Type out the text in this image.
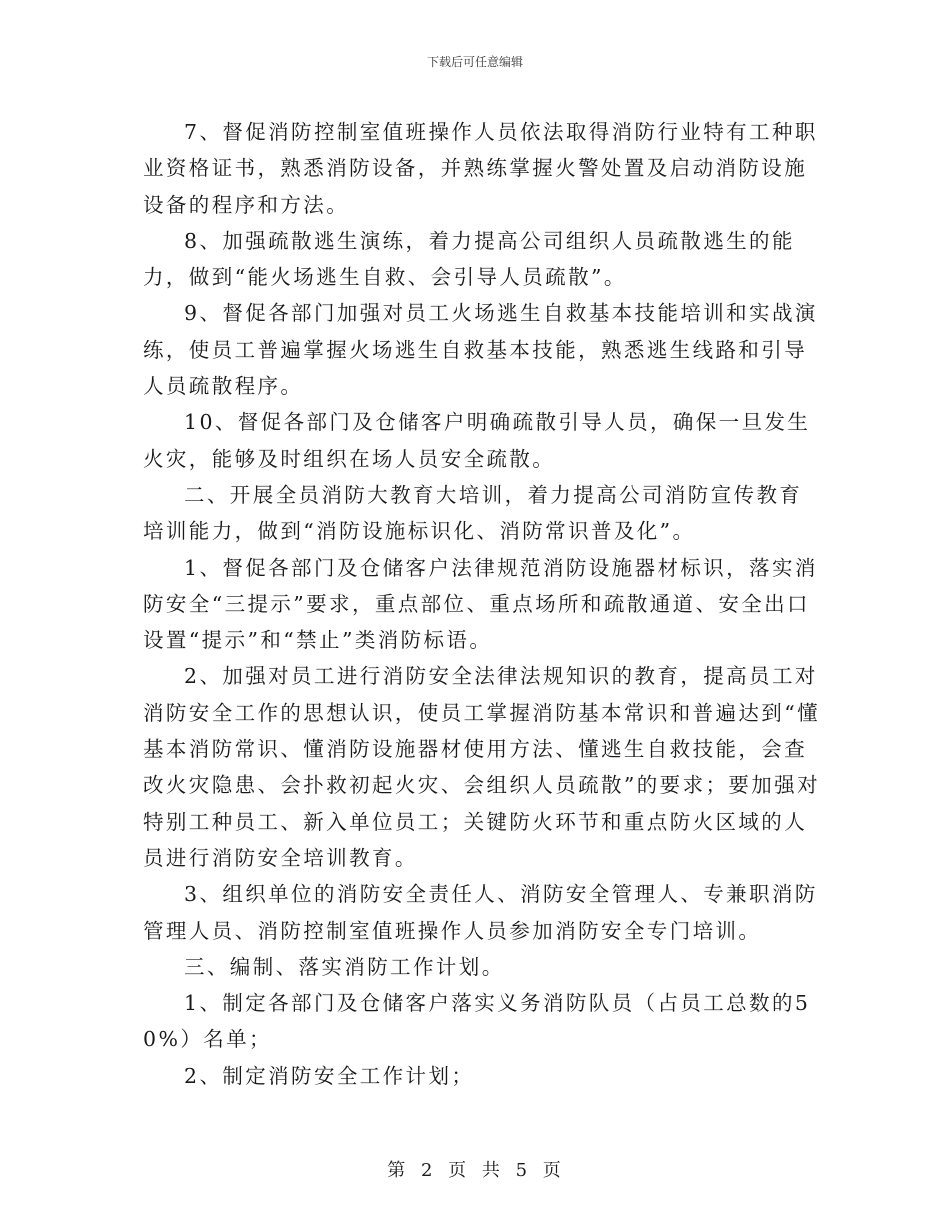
下载后可任意编辑

7、督促消防控制室值班操作人员依法取得消防行业特有工种职业资格证书，熟悉消防设备，并熟练掌握火警处置及启动消防设施设备的程序和方法。

8、加强疏散逃生演练，着力提高公司组织人员疏散逃生的能力，做到“能火场逃生自救、会引导人员疏散”。

9、督促各部门加强对员工火场逃生自救基本技能培训和实战演练，使员工普遍掌握火场逃生自救基本技能，熟悉逃生线路和引导人员疏散程序。

10、督促各部门及仓储客户明确疏散引导人员，确保一旦发生火灾，能够及时组织在场人员安全疏散。

二、开展全员消防大教育大培训，着力提高公司消防宣传教育培训能力，做到“消防设施标识化、消防常识普及化”。

1、督促各部门及仓储客户法律规范消防设施器材标识，落实消防安全“三提示”要求，重点部位、重点场所和疏散通道、安全出口设置“提示”和“禁止”类消防标语。

2、加强对员工进行消防安全法律法规知识的教育，提高员工对消防安全工作的思想认识，使员工掌握消防基本常识和普遍达到“懂基本消防常识、懂消防设施器材使用方法、懂逃生自救技能，会查改火灾隐患、会扑救初起火灾、会组织人员疏散”的要求；要加强对特别工种员工、新入单位员工；关键防火环节和重点防火区域的人员进行消防安全培训教育。

3、组织单位的消防安全责任人、消防安全管理人、专兼职消防管理人员、消防控制室值班操作人员参加消防安全专门培训。

三、编制、落实消防工作计划。

1、制定各部门及仓储客户落实义务消防队员（占员工总数的50%）名单；

2、制定消防安全工作计划；

第 2 页 共 5 页
